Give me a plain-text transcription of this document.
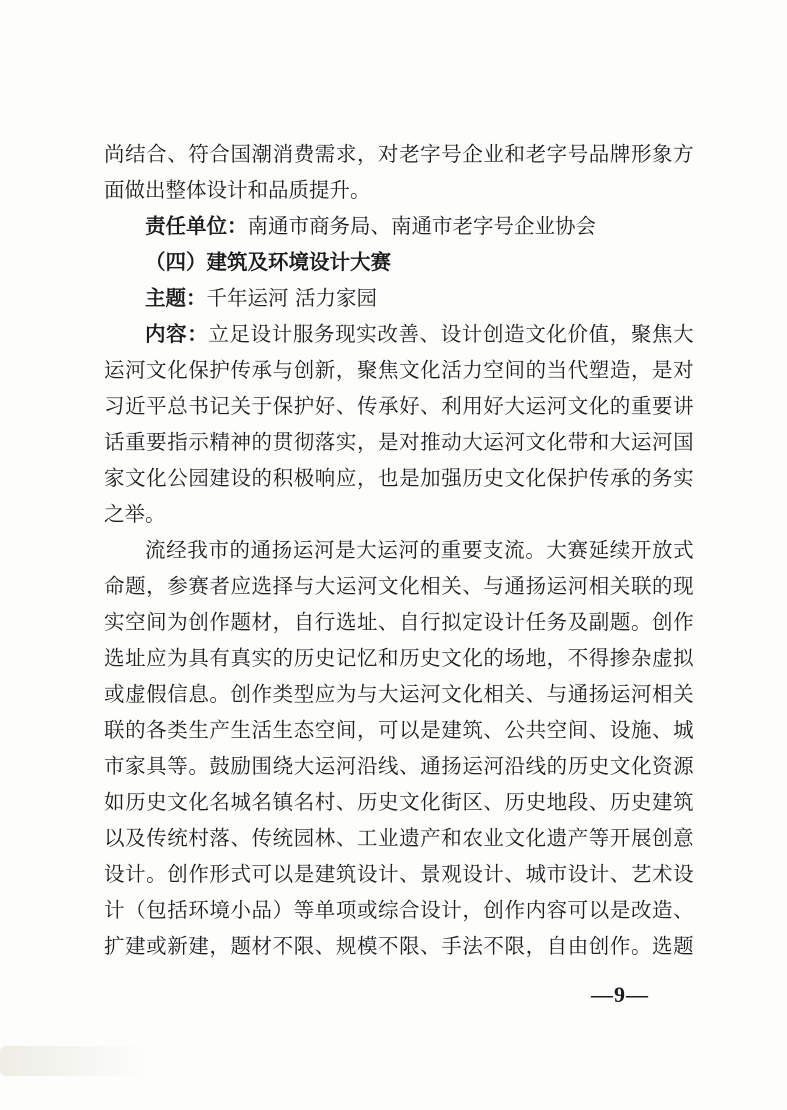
尚 结 合 、 符 合 国 潮 消 费 需 求 ， 对 老 字 号 企 业 和 老 字 号 品 牌 形 象 方
面做出整体设计和品质提升。
责任单位： 南通市商务局、南通市老字号企业协会
（四）建筑及环境设计大赛
主题： 千年运河 活力家园
内 容 ： 立 足 设 计 服 务 现 实 改 善 、 设 计 创 造 文 化 价 值 ， 聚 焦 大
运 河 文 化 保 护 传 承 与 创 新 ， 聚 焦 文 化 活 力 空 间 的 当 代 塑 造 ， 是 对
习 近 平 总 书 记 关 于 保 护 好 、 传 承 好 、 利 用 好 大 运 河 文 化 的 重 要 讲
话 重 要 指 示 精 神 的 贯 彻 落 实 ， 是 对 推 动 大 运 河 文 化 带 和 大 运 河 国
家 文 化 公 园 建 设 的 积 极 响 应 ， 也 是 加 强 历 史 文 化 保 护 传 承 的 务 实
之举。
流 经 我 市 的 通 扬 运 河 是 大 运 河 的 重 要 支 流 。 大 赛 延 续 开 放 式
命 题 ， 参 赛 者 应 选 择 与 大 运 河 文 化 相 关 、 与 通 扬 运 河 相 关 联 的 现
实 空 间 为 创 作 题 材 ， 自 行 选 址 、 自 行 拟 定 设 计 任 务 及 副 题 。 创 作
选 址 应 为 具 有 真 实 的 历 史 记 忆 和 历 史 文 化 的 场 地 ， 不 得 掺 杂 虚 拟
或 虚 假 信 息 。 创 作 类 型 应 为 与 大 运 河 文 化 相 关 、 与 通 扬 运 河 相 关
联 的 各 类 生 产 生 活 生 态 空 间 ， 可 以 是 建 筑 、 公 共 空 间 、 设 施 、 城
市 家 具 等 。 鼓 励 围 绕 大 运 河 沿 线 、 通 扬 运 河 沿 线 的 历 史 文 化 资 源
如 历 史 文 化 名 城 名 镇 名 村 、 历 史 文 化 街 区 、 历 史 地 段 、 历 史 建 筑
以 及 传 统 村 落 、 传 统 园 林 、 工 业 遗 产 和 农 业 文 化 遗 产 等 开 展 创 意
设 计 。 创 作 形 式 可 以 是 建 筑 设 计 、 景 观 设 计 、 城 市 设 计 、 艺 术 设
计 （ 包 括 环 境 小 品 ） 等 单 项 或 综 合 设 计 ， 创 作 内 容 可 以 是 改 造 、
扩 建 或 新 建 ， 题 材 不 限 、 规 模 不 限 、 手 法 不 限 ， 自 由 创 作 。 选 题
—9—
